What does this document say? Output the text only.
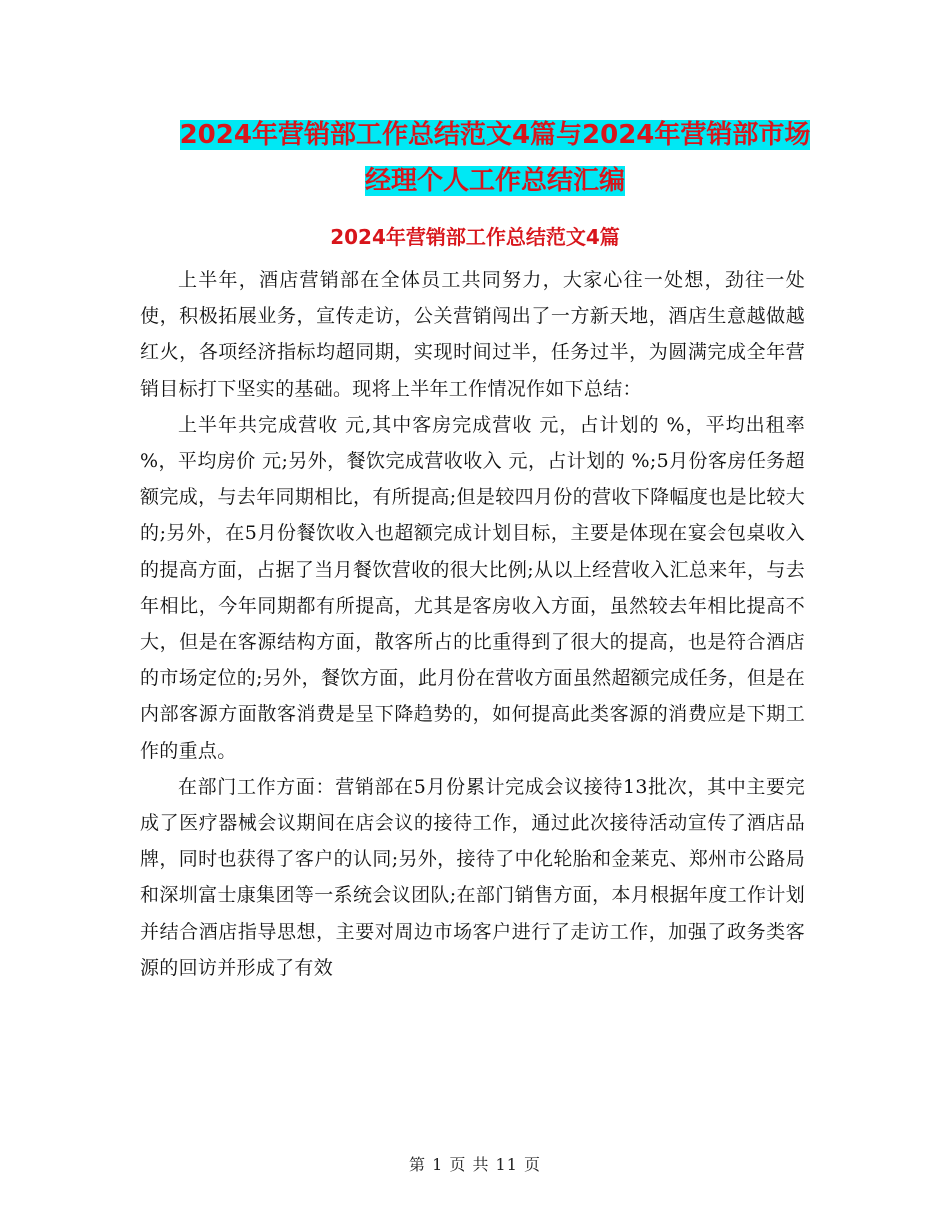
2024年营销部工作总结范文4篇与2024年营销部市场
经理个人工作总结汇编
2024年营销部工作总结范文4篇

上半年，酒店营销部在全体员工共同努力，大家心往一处想，劲往一处使，积极拓展业务，宣传走访，公关营销闯出了一方新天地，酒店生意越做越红火，各项经济指标均超同期，实现时间过半，任务过半，为圆满完成全年营销目标打下坚实的基础。现将上半年工作情况作如下总结：

上半年共完成营收 元,其中客房完成营收 元，占计划的 %，平均出租率 %，平均房价 元;另外，餐饮完成营收收入 元，占计划的 %;5月份客房任务超额完成，与去年同期相比，有所提高;但是较四月份的营收下降幅度也是比较大的;另外，在5月份餐饮收入也超额完成计划目标，主要是体现在宴会包桌收入的提高方面，占据了当月餐饮营收的很大比例;从以上经营收入汇总来年，与去年相比，今年同期都有所提高，尤其是客房收入方面，虽然较去年相比提高不大，但是在客源结构方面，散客所占的比重得到了很大的提高，也是符合酒店的市场定位的;另外，餐饮方面，此月份在营收方面虽然超额完成任务，但是在内部客源方面散客消费是呈下降趋势的，如何提高此类客源的消费应是下期工作的重点。

在部门工作方面：营销部在5月份累计完成会议接待13批次，其中主要完成了医疗器械会议期间在店会议的接待工作，通过此次接待活动宣传了酒店品牌，同时也获得了客户的认同;另外，接待了中化轮胎和金莱克、郑州市公路局和深圳富士康集团等一系统会议团队;在部门销售方面，本月根据年度工作计划并结合酒店指导思想，主要对周边市场客户进行了走访工作，加强了政务类客源的回访并形成了有效

第 1 页 共 11 页
